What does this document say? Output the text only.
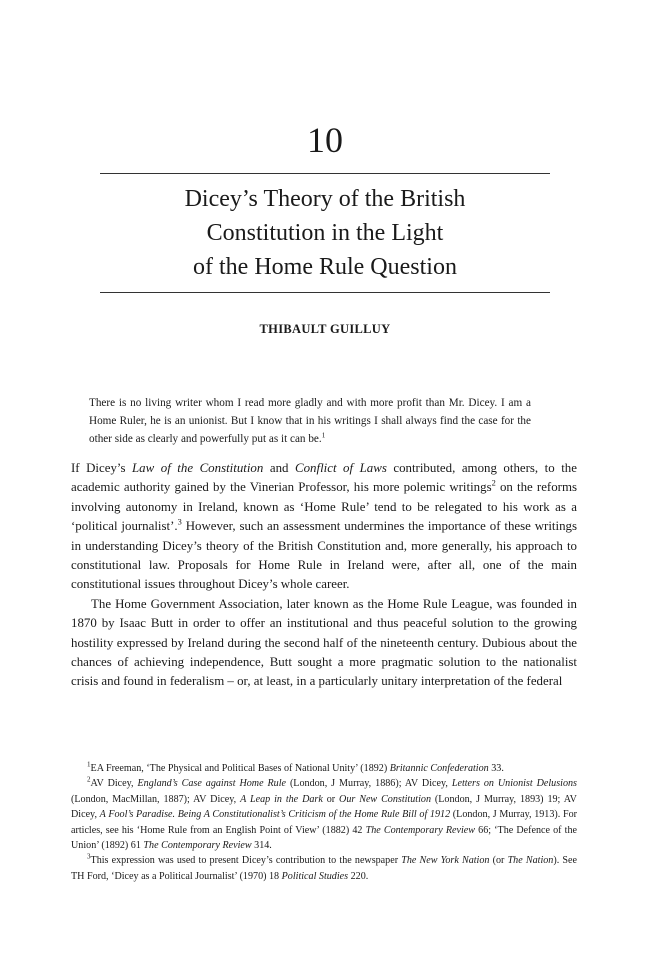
10
Dicey’s Theory of the British
Constitution in the Light
of the Home Rule Question
THIBAULT GUILLUY

There is no living writer whom I read more gladly and with more profit than Mr. Dicey. I am a Home Ruler, he is an unionist. But I know that in his writings I shall always find the case for the other side as clearly and powerfully put as it can be.$^1$

If Dicey’s Law of the Constitution and Conflict of Laws contributed, among others, to the academic authority gained by the Vinerian Professor, his more polemic writings$^2$ on the reforms involving autonomy in Ireland, known as ‘Home Rule’ tend to be relegated to his work as a ‘political journalist’.$^3$ However, such an assessment undermines the importance of these writings in understanding Dicey’s theory of the British Constitution and, more generally, his approach to constitutional law. Proposals for Home Rule in Ireland were, after all, one of the main constitutional issues throughout Dicey’s whole career.

The Home Government Association, later known as the Home Rule League, was founded in 1870 by Isaac Butt in order to offer an institutional and thus peaceful solution to the growing hostility expressed by Ireland during the second half of the nineteenth century. Dubious about the chances of achieving independence, Butt sought a more pragmatic solution to the nationalist crisis and found in federalism – or, at least, in a particularly unitary interpretation of the federal

$^1$EA Freeman, ‘The Physical and Political Bases of National Unity’ (1892) Britannic Confederation 33.

$^2$AV Dicey, England’s Case against Home Rule (London, J Murray, 1886); AV Dicey, Letters on Unionist Delusions (London, MacMillan, 1887); AV Dicey, A Leap in the Dark or Our New Constitution (London, J Murray, 1893) 19; AV Dicey, A Fool’s Paradise. Being A Constitutionalist’s Criticism of the Home Rule Bill of 1912 (London, J Murray, 1913). For articles, see his ‘Home Rule from an English Point of View’ (1882) 42 The Contemporary Review 66; ‘The Defence of the Union’ (1892) 61 The Contemporary Review 314.

$^3$This expression was used to present Dicey’s contribution to the newspaper The New York Nation (or The Nation). See TH Ford, ‘Dicey as a Political Journalist’ (1970) 18 Political Studies 220.
